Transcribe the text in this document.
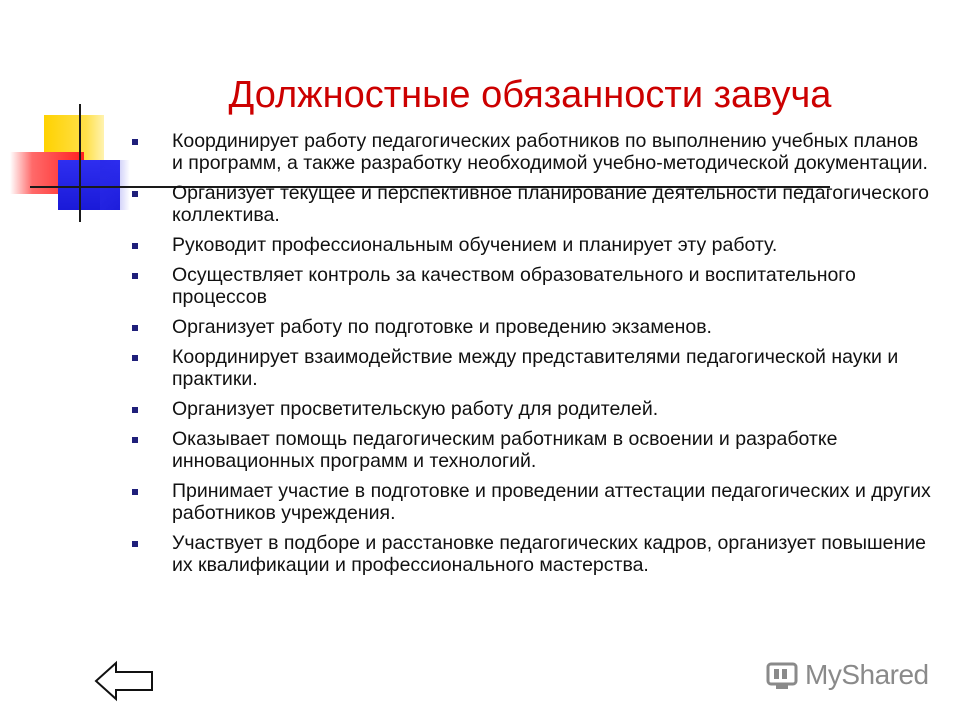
Должностные обязанности завуча
Координирует работу педагогических работников по выполнению учебных планов и программ, а также разработку необходимой учебно-методической документации.
Организует текущее и перспективное планирование деятельности педагогического коллектива.
Руководит профессиональным обучением и планирует эту работу.
Осуществляет контроль за качеством образовательного и воспитательного процессов
Организует работу по подготовке и проведению экзаменов.
Координирует взаимодействие между представителями педагогической науки и практики.
Организует просветительскую работу для родителей.
Оказывает помощь педагогическим работникам в освоении и разработке инновационных программ и технологий.
Принимает участие в подготовке и проведении аттестации педагогических и других работников учреждения.
Участвует в подборе и расстановке педагогических кадров, организует повышение их квалификации и профессионального мастерства.
MyShared
